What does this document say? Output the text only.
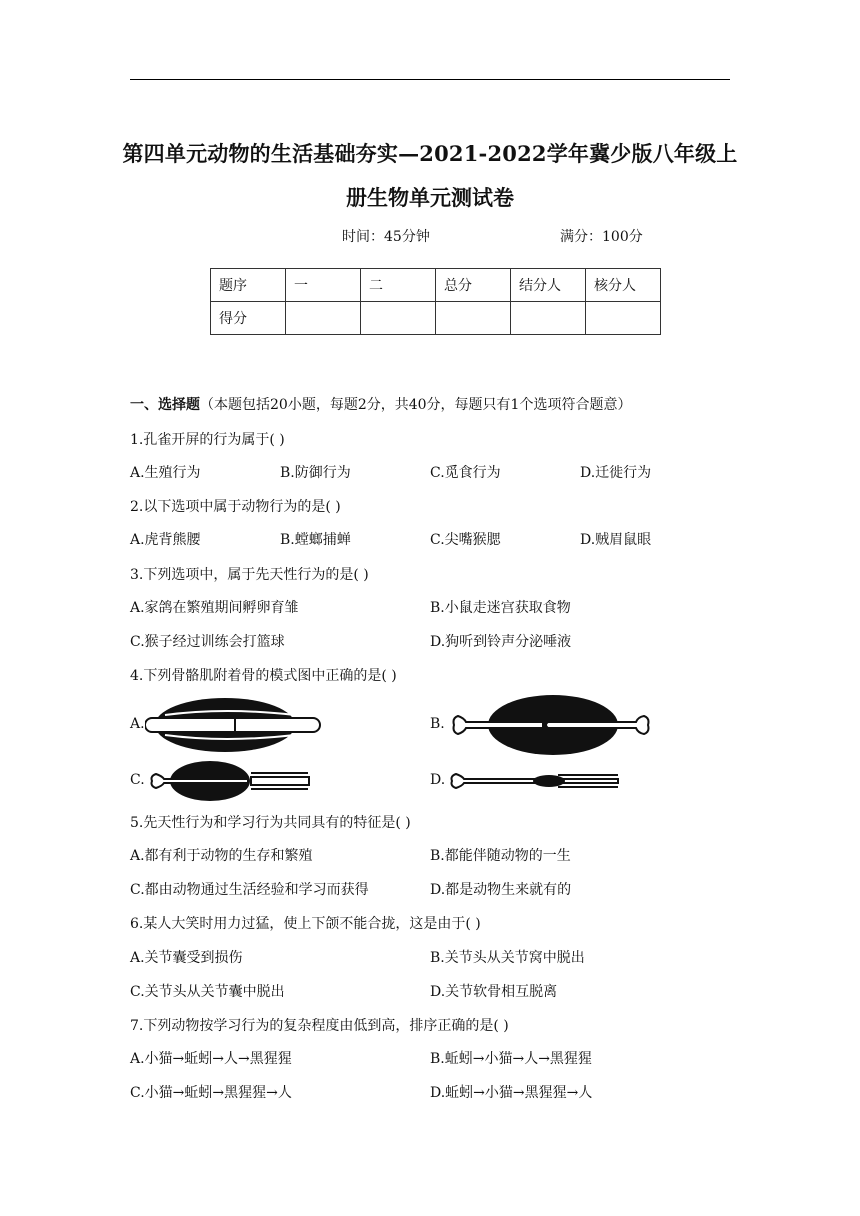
第四单元动物的生活基础夯实—2021-2022学年冀少版八年级上
册生物单元测试卷
时间：45分钟	满分：100分
题序	一	二	总分	结分人	核分人
得分					
一、选择题（本题包括20小题，每题2分，共40分，每题只有1个选项符合题意）
1.孔雀开屏的行为属于( )
A.生殖行为	B.防御行为	C.觅食行为	D.迁徙行为
2.以下选项中属于动物行为的是( )
A.虎背熊腰	B.螳螂捕蝉	C.尖嘴猴腮	D.贼眉鼠眼
3.下列选项中，属于先天性行为的是( )
A.家鸽在繁殖期间孵卵育雏	B.小鼠走迷宫获取食物
C.猴子经过训练会打篮球	D.狗听到铃声分泌唾液
4.下列骨骼肌附着骨的模式图中正确的是( )
A.	B.
C.	D.
5.先天性行为和学习行为共同具有的特征是( )
A.都有利于动物的生存和繁殖	B.都能伴随动物的一生
C.都由动物通过生活经验和学习而获得	D.都是动物生来就有的
6.某人大笑时用力过猛，使上下颌不能合拢，这是由于( )
A.关节囊受到损伤	B.关节头从关节窝中脱出
C.关节头从关节囊中脱出	D.关节软骨相互脱离
7.下列动物按学习行为的复杂程度由低到高，排序正确的是( )
A.小猫→蚯蚓→人→黑猩猩	B.蚯蚓→小猫→人→黑猩猩
C.小猫→蚯蚓→黑猩猩→人	D.蚯蚓→小猫→黑猩猩→人
